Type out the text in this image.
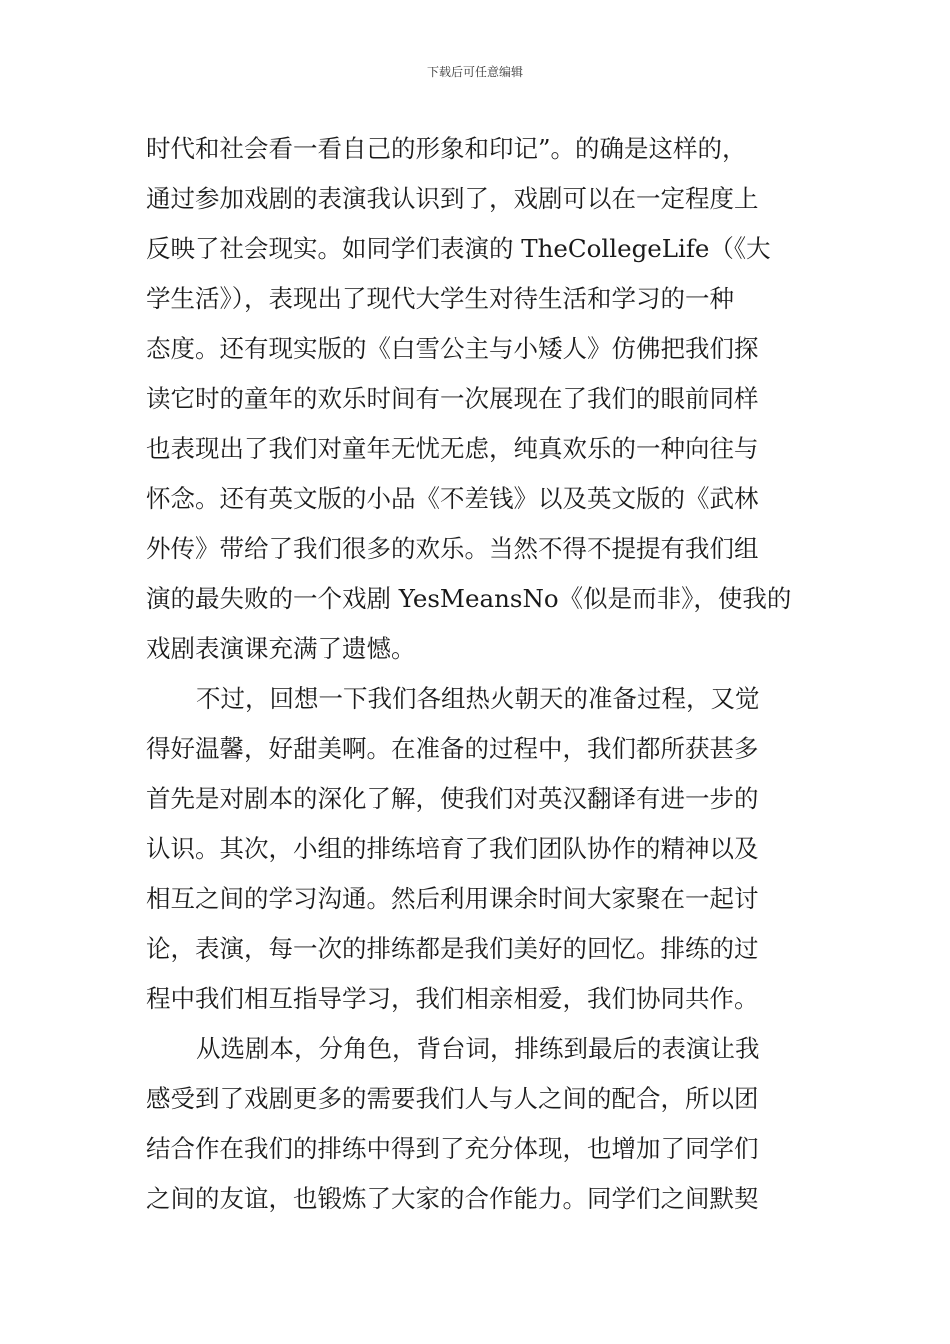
下载后可任意编辑
时代和社会看一看自己的形象和印记”。的确是这样的，
通过参加戏剧的表演我认识到了，戏剧可以在一定程度上
反映了社会现实。如同学们表演的 TheCollegeLife（《大
学生活》），表现出了现代大学生对待生活和学习的一种
态度。还有现实版的《白雪公主与小矮人》仿佛把我们探
读它时的童年的欢乐时间有一次展现在了我们的眼前同样
也表现出了我们对童年无忧无虑，纯真欢乐的一种向往与
怀念。还有英文版的小品《不差钱》以及英文版的《武林
外传》带给了我们很多的欢乐。当然不得不提提有我们组
演的最失败的一个戏剧 YesMeansNo《似是而非》，使我的
戏剧表演课充满了遗憾。
不过，回想一下我们各组热火朝天的准备过程，又觉
得好温馨，好甜美啊。在准备的过程中，我们都所获甚多
首先是对剧本的深化了解，使我们对英汉翻译有进一步的
认识。其次，小组的排练培育了我们团队协作的精神以及
相互之间的学习沟通。然后利用课余时间大家聚在一起讨
论，表演，每一次的排练都是我们美好的回忆。排练的过
程中我们相互指导学习，我们相亲相爱，我们协同共作。
从选剧本，分角色，背台词，排练到最后的表演让我
感受到了戏剧更多的需要我们人与人之间的配合，所以团
结合作在我们的排练中得到了充分体现，也增加了同学们
之间的友谊，也锻炼了大家的合作能力。同学们之间默契
